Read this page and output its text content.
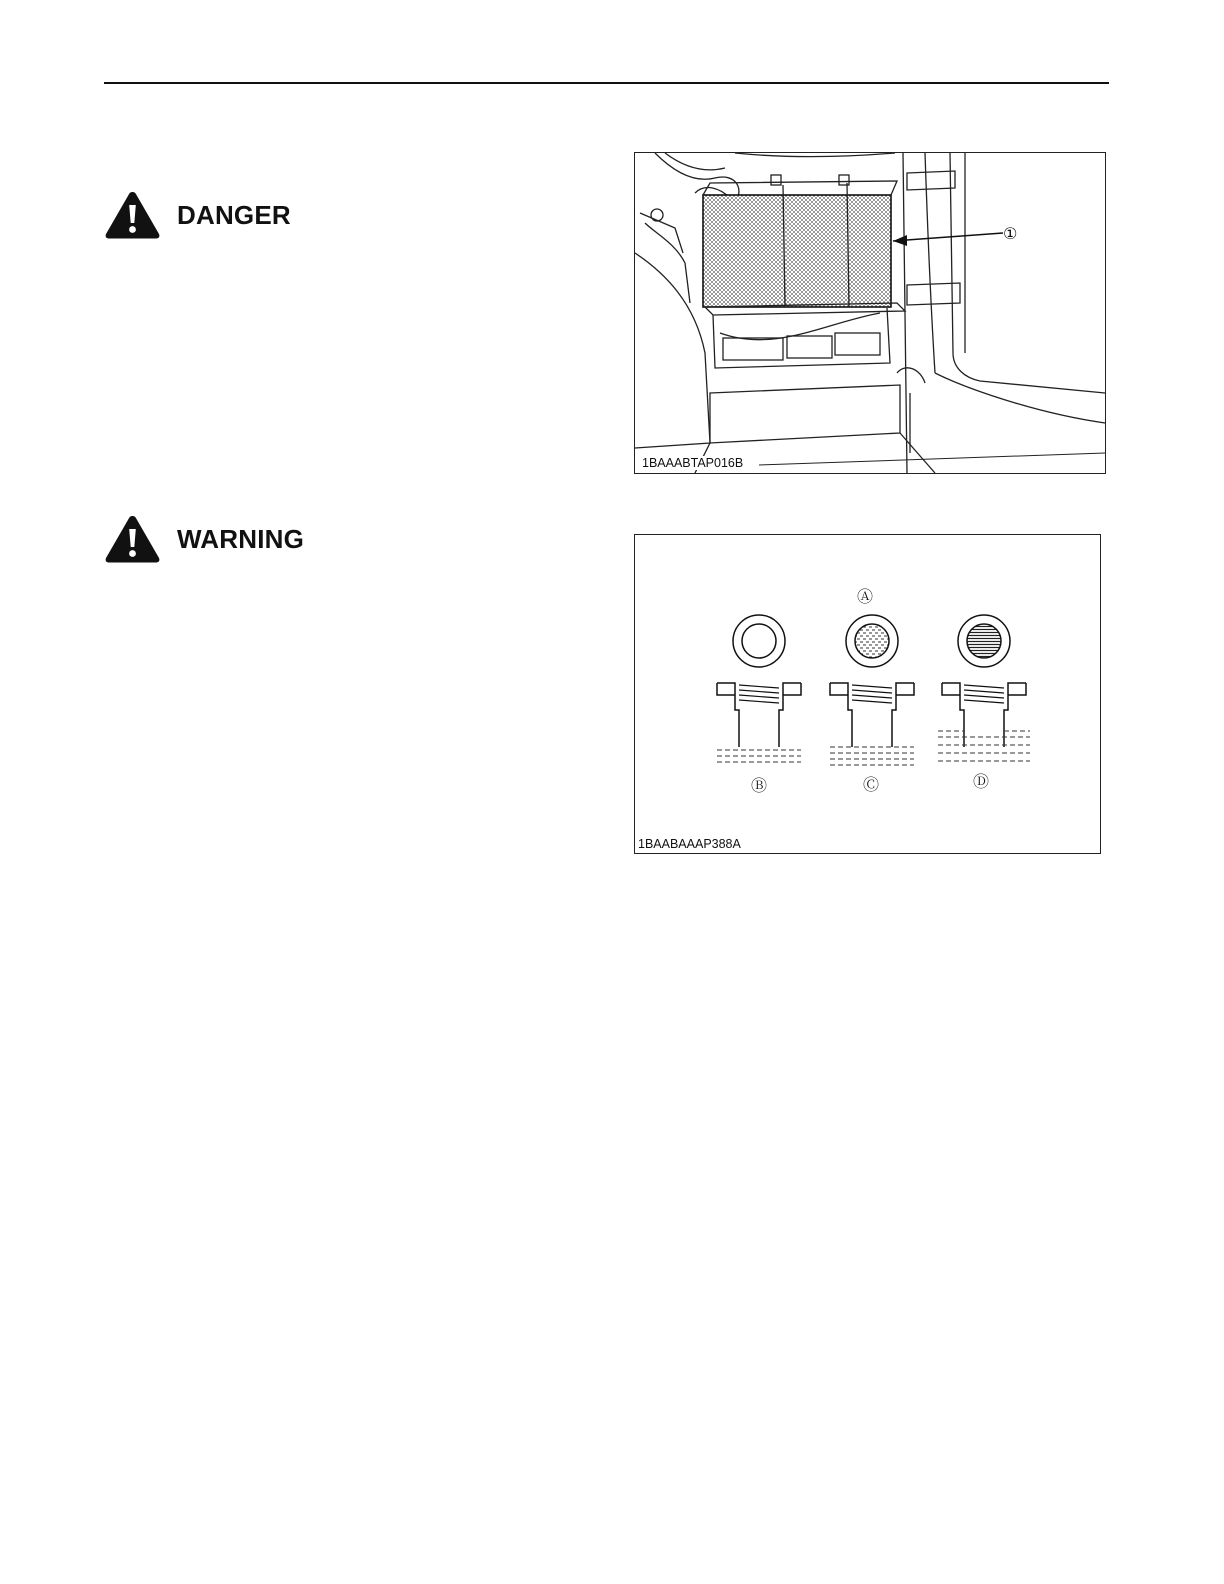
DANGER
WARNING
①
1BAAABTAP016B
Ⓐ
Ⓑ	Ⓒ	Ⓓ
1BAABAAAP388A
